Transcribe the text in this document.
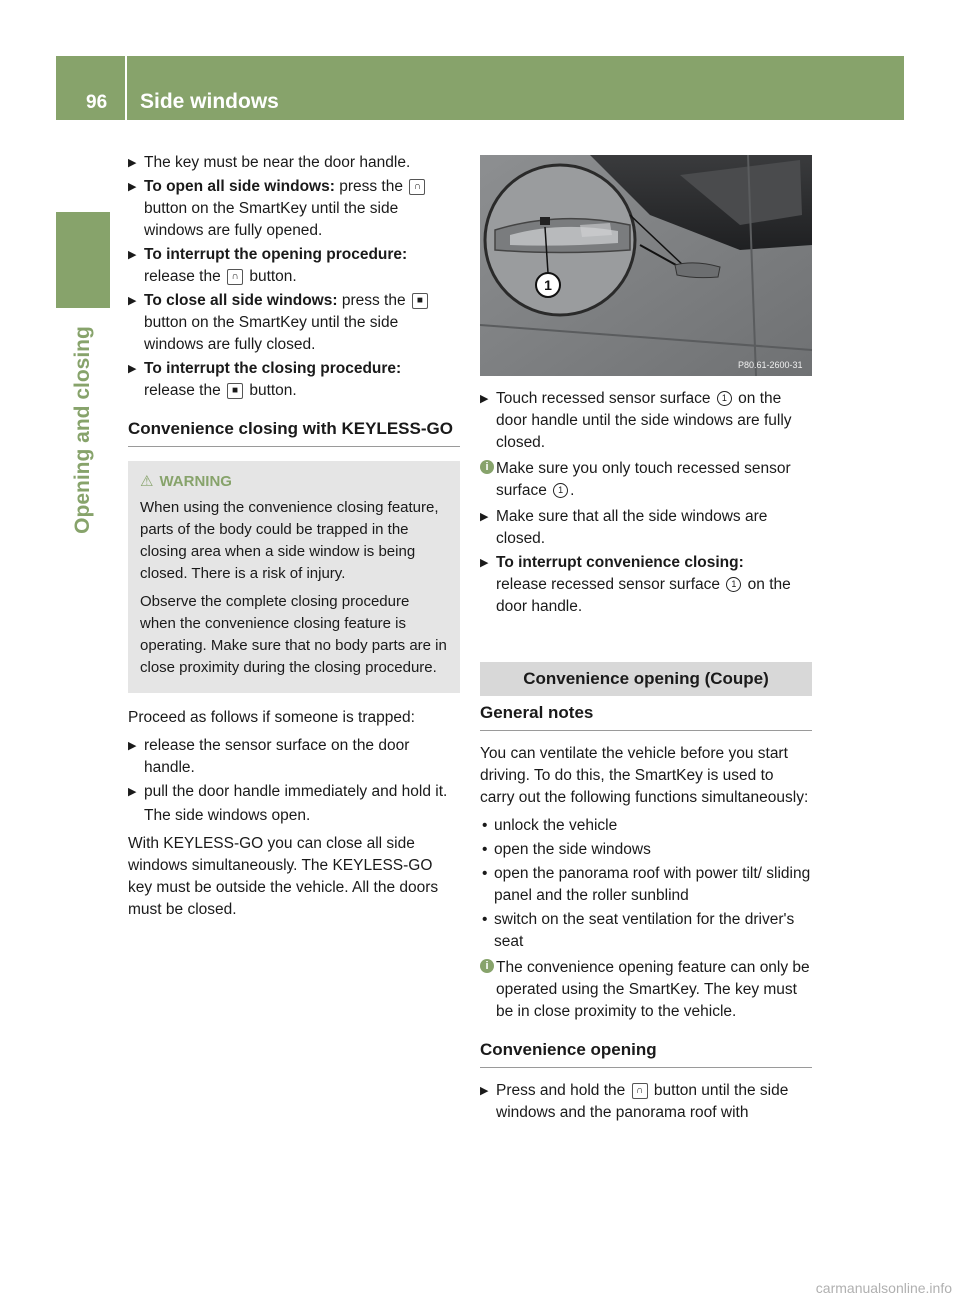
96 Side windows
Opening and closing
▶ The key must be near the door handle.
▶ To open all side windows: press the ∩ button on the SmartKey until the side windows are fully opened.
▶ To interrupt the opening procedure:
release the ∩ button.
▶ To close all side windows: press the ■ button on the SmartKey until the side windows are fully closed.
▶ To interrupt the closing procedure:
release the ■ button.
Convenience closing with KEYLESS-GO
⚠ WARNING

When using the convenience closing feature, parts of the body could be trapped in the closing area when a side window is being closed. There is a risk of injury.

Observe the complete closing procedure when the convenience closing feature is operating. Make sure that no body parts are in close proximity during the closing procedure.

Proceed as follows if someone is trapped:
▶ release the sensor surface on the door handle.
▶ pull the door handle immediately and hold it.
The side windows open.
With KEYLESS-GO you can close all side windows simultaneously. The KEYLESS-GO key must be outside the vehicle. All the doors must be closed.
1
P80.61-2600-31
▶ Touch recessed sensor surface 1 on the door handle until the side windows are fully closed.
i Make sure you only touch recessed sensor surface 1 .
▶ Make sure that all the side windows are closed.
▶ To interrupt convenience closing:
release recessed sensor surface 1 on the door handle.
Convenience opening (Coupe)
General notes
You can ventilate the vehicle before you start driving. To do this, the SmartKey is used to carry out the following functions simultaneously:
• unlock the vehicle
• open the side windows
• open the panorama roof with power tilt/ sliding panel and the roller sunblind
• switch on the seat ventilation for the driver's seat
i The convenience opening feature can only be operated using the SmartKey. The key must be in close proximity to the vehicle.
Convenience opening
▶ Press and hold the ∩ button until the side windows and the panorama roof with
carmanualsonline.info
